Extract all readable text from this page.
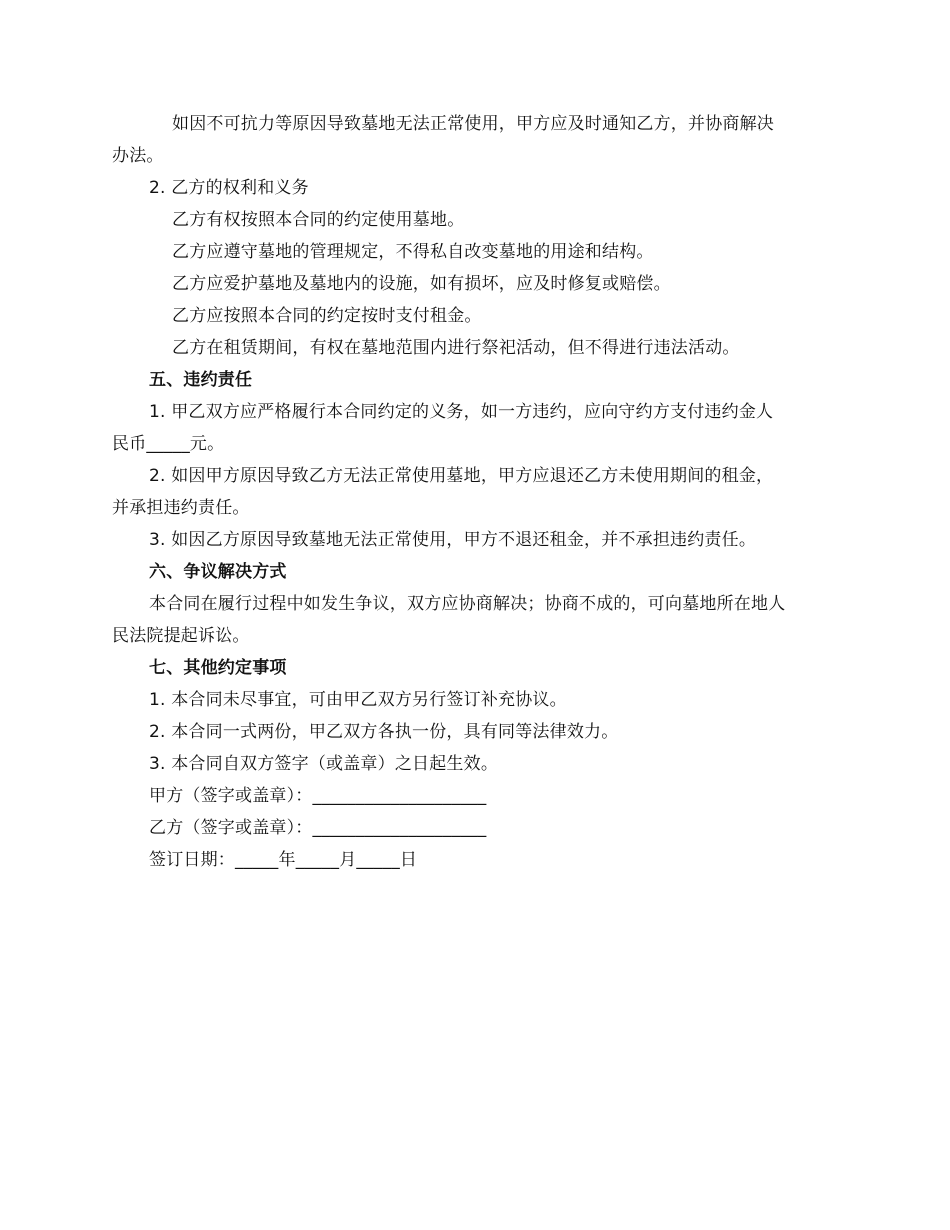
如因不可抗力等原因导致墓地无法正常使用，甲方应及时通知乙方，并协商解决
办法。
2. 乙方的权利和义务
乙方有权按照本合同的约定使用墓地。
乙方应遵守墓地的管理规定，不得私自改变墓地的用途和结构。
乙方应爱护墓地及墓地内的设施，如有损坏，应及时修复或赔偿。
乙方应按照本合同的约定按时支付租金。
乙方在租赁期间，有权在墓地范围内进行祭祀活动，但不得进行违法活动。
五、违约责任
1. 甲乙双方应严格履行本合同约定的义务，如一方违约，应向守约方支付违约金人
民币_____元。
2. 如因甲方原因导致乙方无法正常使用墓地，甲方应退还乙方未使用期间的租金，
并承担违约责任。
3. 如因乙方原因导致墓地无法正常使用，甲方不退还租金，并不承担违约责任。
六、争议解决方式
本合同在履行过程中如发生争议，双方应协商解决；协商不成的，可向墓地所在地人
民法院提起诉讼。
七、其他约定事项
1. 本合同未尽事宜，可由甲乙双方另行签订补充协议。
2. 本合同一式两份，甲乙双方各执一份，具有同等法律效力。
3. 本合同自双方签字（或盖章）之日起生效。
甲方（签字或盖章）：____________________
乙方（签字或盖章）：____________________
签订日期：_____年_____月_____日
